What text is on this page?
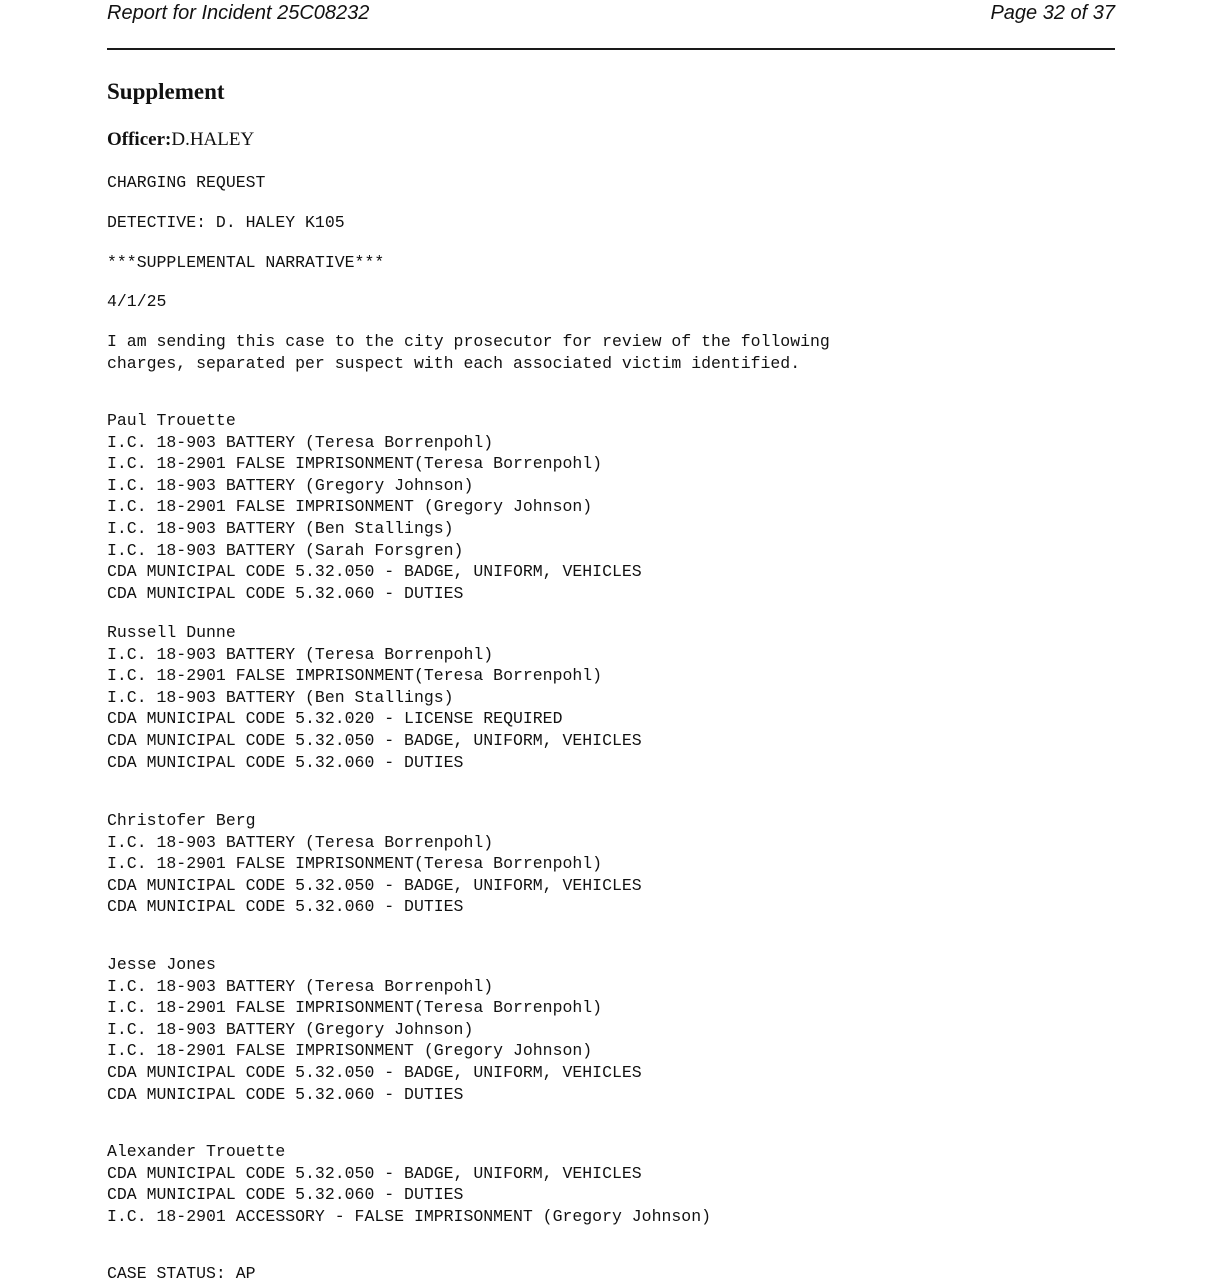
Report for Incident 25C08232	Page 32 of 37
Supplement
Officer:D.HALEY
CHARGING REQUEST
DETECTIVE: D. HALEY K105
***SUPPLEMENTAL NARRATIVE***
4/1/25
I am sending this case to the city prosecutor for review of the following
charges, separated per suspect with each associated victim identified.
Paul Trouette
I.C. 18-903 BATTERY (Teresa Borrenpohl)
I.C. 18-2901 FALSE IMPRISONMENT(Teresa Borrenpohl)
I.C. 18-903 BATTERY (Gregory Johnson)
I.C. 18-2901 FALSE IMPRISONMENT (Gregory Johnson)
I.C. 18-903 BATTERY (Ben Stallings)
I.C. 18-903 BATTERY (Sarah Forsgren)
CDA MUNICIPAL CODE 5.32.050 - BADGE, UNIFORM, VEHICLES
CDA MUNICIPAL CODE 5.32.060 - DUTIES
Russell Dunne
I.C. 18-903 BATTERY (Teresa Borrenpohl)
I.C. 18-2901 FALSE IMPRISONMENT(Teresa Borrenpohl)
I.C. 18-903 BATTERY (Ben Stallings)
CDA MUNICIPAL CODE 5.32.020 - LICENSE REQUIRED
CDA MUNICIPAL CODE 5.32.050 - BADGE, UNIFORM, VEHICLES
CDA MUNICIPAL CODE 5.32.060 - DUTIES
Christofer Berg
I.C. 18-903 BATTERY (Teresa Borrenpohl)
I.C. 18-2901 FALSE IMPRISONMENT(Teresa Borrenpohl)
CDA MUNICIPAL CODE 5.32.050 - BADGE, UNIFORM, VEHICLES
CDA MUNICIPAL CODE 5.32.060 - DUTIES
Jesse Jones
I.C. 18-903 BATTERY (Teresa Borrenpohl)
I.C. 18-2901 FALSE IMPRISONMENT(Teresa Borrenpohl)
I.C. 18-903 BATTERY (Gregory Johnson)
I.C. 18-2901 FALSE IMPRISONMENT (Gregory Johnson)
CDA MUNICIPAL CODE 5.32.050 - BADGE, UNIFORM, VEHICLES
CDA MUNICIPAL CODE 5.32.060 - DUTIES
Alexander Trouette
CDA MUNICIPAL CODE 5.32.050 - BADGE, UNIFORM, VEHICLES
CDA MUNICIPAL CODE 5.32.060 - DUTIES
I.C. 18-2901 ACCESSORY - FALSE IMPRISONMENT (Gregory Johnson)
CASE STATUS: AP
